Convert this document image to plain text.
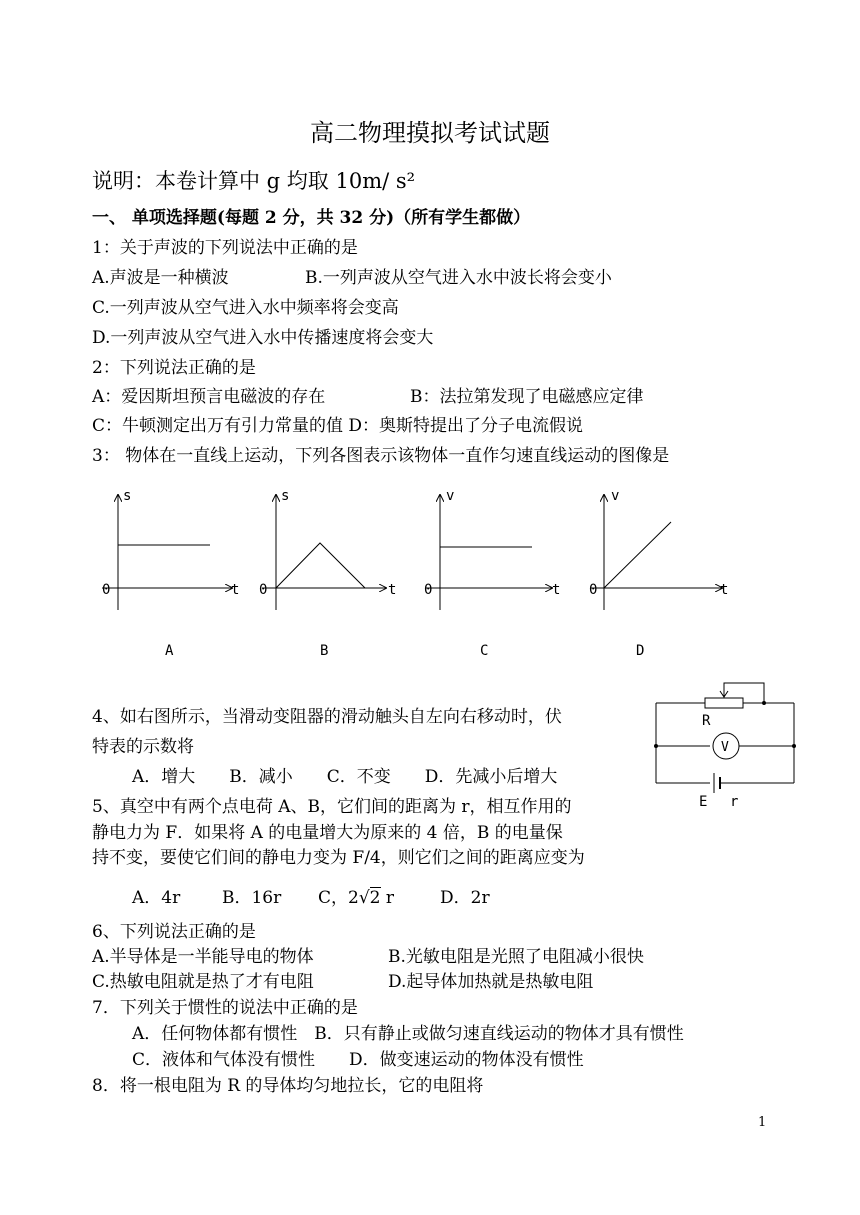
高二物理摸拟考试试题
说明：本卷计算中 g 均取 10m/ s²
一、 单项选择题(每题 2 分，共 32 分)（所有学生都做）
1：关于声波的下列说法中正确的是
A.声波是一种横波	B.一列声波从空气进入水中波长将会变小
C.一列声波从空气进入水中频率将会变高
D.一列声波从空气进入水中传播速度将会变大
2：下列说法正确的是
A：爱因斯坦预言电磁波的存在	B：法拉第发现了电磁感应定律
C：牛顿测定出万有引力常量的值 D：奥斯特提出了分子电流假说
3： 物体在一直线上运动，下列各图表示该物体一直作匀速直线运动的图像是
s
0	t
A
s
0	t
B
v
0	t
C
v
0	t
D
4、如右图所示，当滑动变阻器的滑动触头自左向右移动时，伏
特表的示数将
A．增大　　B．减小　　C．不变　　D．先减小后增大
R
V
E r
5、真空中有两个点电荷 A、B，它们间的距离为 r，相互作用的
静电力为 F．如果将 A 的电量增大为原来的 4 倍，B 的电量保
持不变，要使它们间的静电力变为 F/4，则它们之间的距离应变为
A．4r B．16r C，2√2 r	D．2r
6、下列说法正确的是
A.半导体是一半能导电的物体	B.光敏电阻是光照了电阻减小很快
C.热敏电阻就是热了才有电阻	D.起导体加热就是热敏电阻
7．下列关于惯性的说法中正确的是
A．任何物体都有惯性　B．只有静止或做匀速直线运动的物体才具有惯性
C．液体和气体没有惯性　　D．做变速运动的物体没有惯性
8．将一根电阻为 R 的导体均匀地拉长，它的电阻将
1
